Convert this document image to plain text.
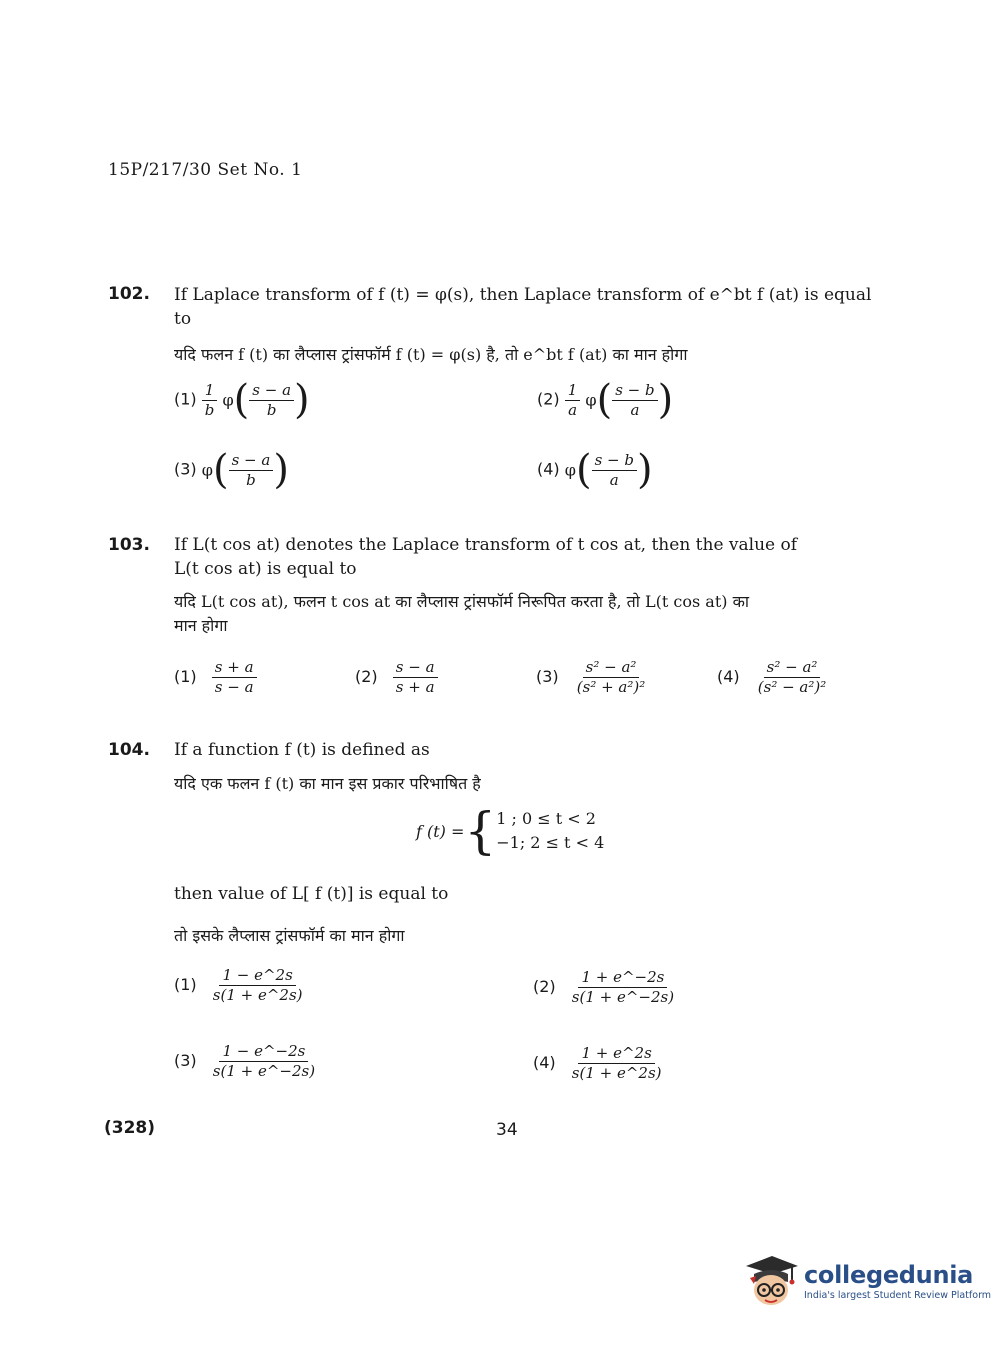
15P/217/30 Set No. 1
102. If Laplace transform of f (t) = φ(s), then Laplace transform of e^bt f (at) is equal
to
यदि फलन f (t) का लैप्लास ट्रांसफॉर्म f (t) = φ(s) है, तो e^bt f (at) का मान होगा
$(1) \frac{1}{b} \varphi( \frac{s - a}{b}$ )	$(2) \frac{1}{a} \varphi( \frac{s - b}{a}$ )
(3) $\varphi( \frac{s - a}{b}$ )	(4) $\varphi( \frac{s - b}{a}$ )
103. If L(t cos at) denotes the Laplace transform of t cos at, then the value of
L(t cos at) is equal to
यदि L(t cos at), फलन t cos at का लैप्लास ट्रांसफॉर्म निरूपित करता है, तो L(t cos at) का
मान होगा
$(1) \frac{s + a}{s - a}$	$(2) \frac{s - a}{s + a}$	$(3) \frac{\text{s² − a²}}{\text{(s² + a²)²}}$	$(4) \frac{\text{s² − a²}}{\text{(s² − a²)²}}$
104. If a function f (t) is defined as
यदि एक फलन f (t) का मान इस प्रकार परिभाषित है
f (t) ={1 ; 0 ≤ t < 2
−1; 2 ≤ t < 4
then value of L[ f (t)] is equal to
तो इसके लैप्लास ट्रांसफॉर्म का मान होगा
$(1) \frac{1 - e\^{}2s}{s(1 + e\^{}2s)}$	$(2) \frac{1 + e\^{}-2s}{s(1 + e\^{}-2s)}$
$(3) \frac{1 - e\^{}-2s}{s(1 + e\^{}-2s)}$	$(4) \frac{1 + e\^{}2s}{s(1 + e\^{}2s)}$
(328)	34
collegedunia
India's largest Student Review Platform
